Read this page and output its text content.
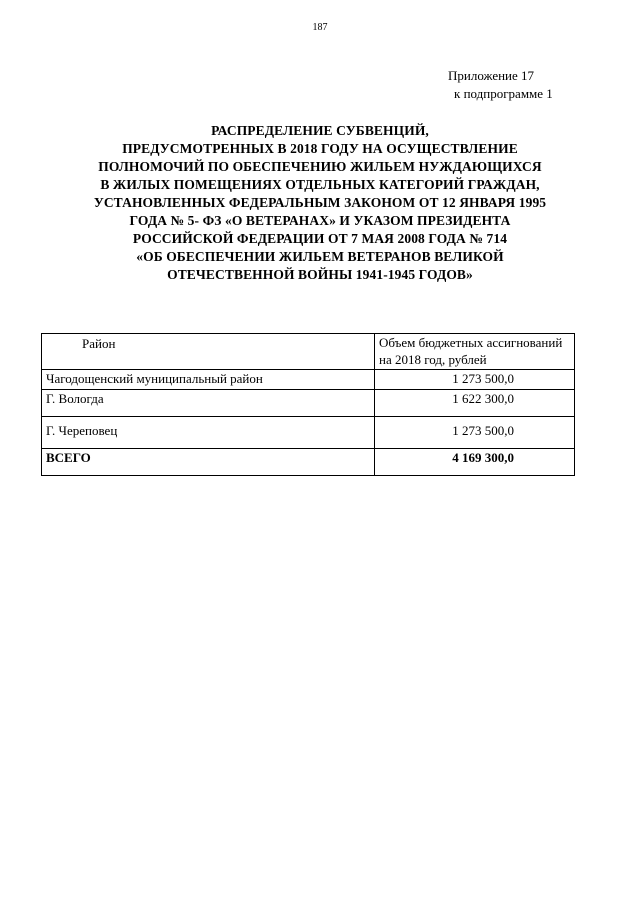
187
Приложение 17
к подпрограмме 1
РАСПРЕДЕЛЕНИЕ СУБВЕНЦИЙ,
ПРЕДУСМОТРЕННЫХ В 2018 ГОДУ НА ОСУЩЕСТВЛЕНИЕ
ПОЛНОМОЧИЙ ПО ОБЕСПЕЧЕНИЮ ЖИЛЬЕМ НУЖДАЮЩИХСЯ
В ЖИЛЫХ ПОМЕЩЕНИЯХ ОТДЕЛЬНЫХ КАТЕГОРИЙ ГРАЖДАН,
УСТАНОВЛЕННЫХ ФЕДЕРАЛЬНЫМ ЗАКОНОМ ОТ 12 ЯНВАРЯ 1995
ГОДА № 5- ФЗ «О ВЕТЕРАНАХ» И УКАЗОМ ПРЕЗИДЕНТА
РОССИЙСКОЙ ФЕДЕРАЦИИ ОТ 7 МАЯ 2008 ГОДА № 714
«ОБ ОБЕСПЕЧЕНИИ ЖИЛЬЕМ ВЕТЕРАНОВ ВЕЛИКОЙ
ОТЕЧЕСТВЕННОЙ ВОЙНЫ 1941-1945 ГОДОВ»
Район	Объем бюджетных ассигнований
на 2018 год, рублей

Чагодощенский муниципальный район	1 273 500,0
Г. Вологда	1 622 300,0
Г. Череповец	1 273 500,0
ВСЕГО	4 169 300,0
